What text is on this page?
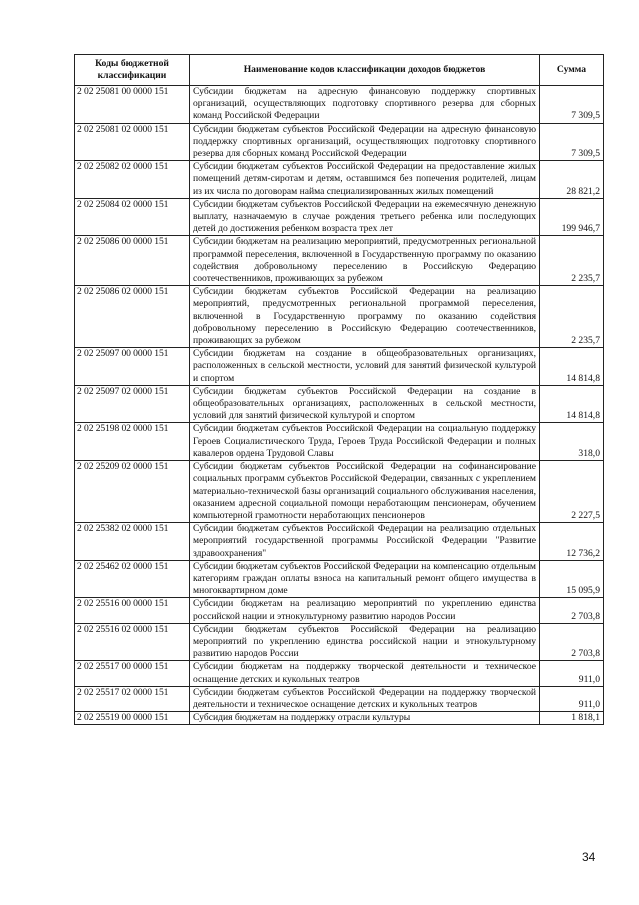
Коды бюджетной классификации	Наименование кодов классификации доходов бюджетов	Сумма
2 02 25081 00 0000 151	Субсидии бюджетам на адресную финансовую поддержку спортивных организаций, осуществляющих подготовку спортивного резерва для сборных команд Российской Федерации	7 309,5
2 02 25081 02 0000 151	Субсидии бюджетам субъектов Российской Федерации на адресную финансовую поддержку спортивных организаций, осуществляющих подготовку спортивного резерва для сборных команд Российской Федерации	7 309,5
2 02 25082 02 0000 151	Субсидии бюджетам субъектов Российской Федерации на предоставление жилых помещений детям-сиротам и детям, оставшимся без попечения родителей, лицам из их числа по договорам найма специализированных жилых помещений	28 821,2
2 02 25084 02 0000 151	Субсидии бюджетам субъектов Российской Федерации на ежемесячную денежную выплату, назначаемую в случае рождения третьего ребенка или последующих детей до достижения ребенком возраста трех лет	199 946,7
2 02 25086 00 0000 151	Субсидии бюджетам на реализацию мероприятий, предусмотренных региональной программой переселения, включенной в Государственную программу по оказанию содействия добровольному переселению в Российскую Федерацию соотечественников, проживающих за рубежом	2 235,7
2 02 25086 02 0000 151	Субсидии бюджетам субъектов Российской Федерации на реализацию мероприятий, предусмотренных региональной программой переселения, включенной в Государственную программу по оказанию содействия добровольному переселению в Российскую Федерацию соотечественников, проживающих за рубежом	2 235,7
2 02 25097 00 0000 151	Субсидии бюджетам на создание в общеобразовательных организациях, расположенных в сельской местности, условий для занятий физической культурой и спортом	14 814,8
2 02 25097 02 0000 151	Субсидии бюджетам субъектов Российской Федерации на создание в общеобразовательных организациях, расположенных в сельской местности, условий для занятий физической культурой и спортом	14 814,8
2 02 25198 02 0000 151	Субсидии бюджетам субъектов Российской Федерации на социальную поддержку Героев Социалистического Труда, Героев Труда Российской Федерации и полных кавалеров ордена Трудовой Славы	318,0
2 02 25209 02 0000 151	Субсидии бюджетам субъектов Российской Федерации на софинансирование социальных программ субъектов Российской Федерации, связанных с укреплением материально-технической базы организаций социального обслуживания населения, оказанием адресной социальной помощи неработающим пенсионерам, обучением компьютерной грамотности неработающих пенсионеров	2 227,5
2 02 25382 02 0000 151	Субсидии бюджетам субъектов Российской Федерации на реализацию отдельных мероприятий государственной программы Российской Федерации "Развитие здравоохранения"	12 736,2
2 02 25462 02 0000 151	Субсидии бюджетам субъектов Российской Федерации на компенсацию отдельным категориям граждан оплаты взноса на капитальный ремонт общего имущества в многоквартирном доме	15 095,9
2 02 25516 00 0000 151	Субсидии бюджетам на реализацию мероприятий по укреплению единства российской нации и этнокультурному развитию народов России	2 703,8
2 02 25516 02 0000 151	Субсидии бюджетам субъектов Российской Федерации на реализацию мероприятий по укреплению единства российской нации и этнокультурному развитию народов России	2 703,8
2 02 25517 00 0000 151	Субсидии бюджетам на поддержку творческой деятельности и техническое оснащение детских и кукольных театров	911,0
2 02 25517 02 0000 151	Субсидии бюджетам субъектов Российской Федерации на поддержку творческой деятельности и техническое оснащение детских и кукольных театров	911,0
2 02 25519 00 0000 151	Субсидия бюджетам на поддержку отрасли культуры	1 818,1
34
